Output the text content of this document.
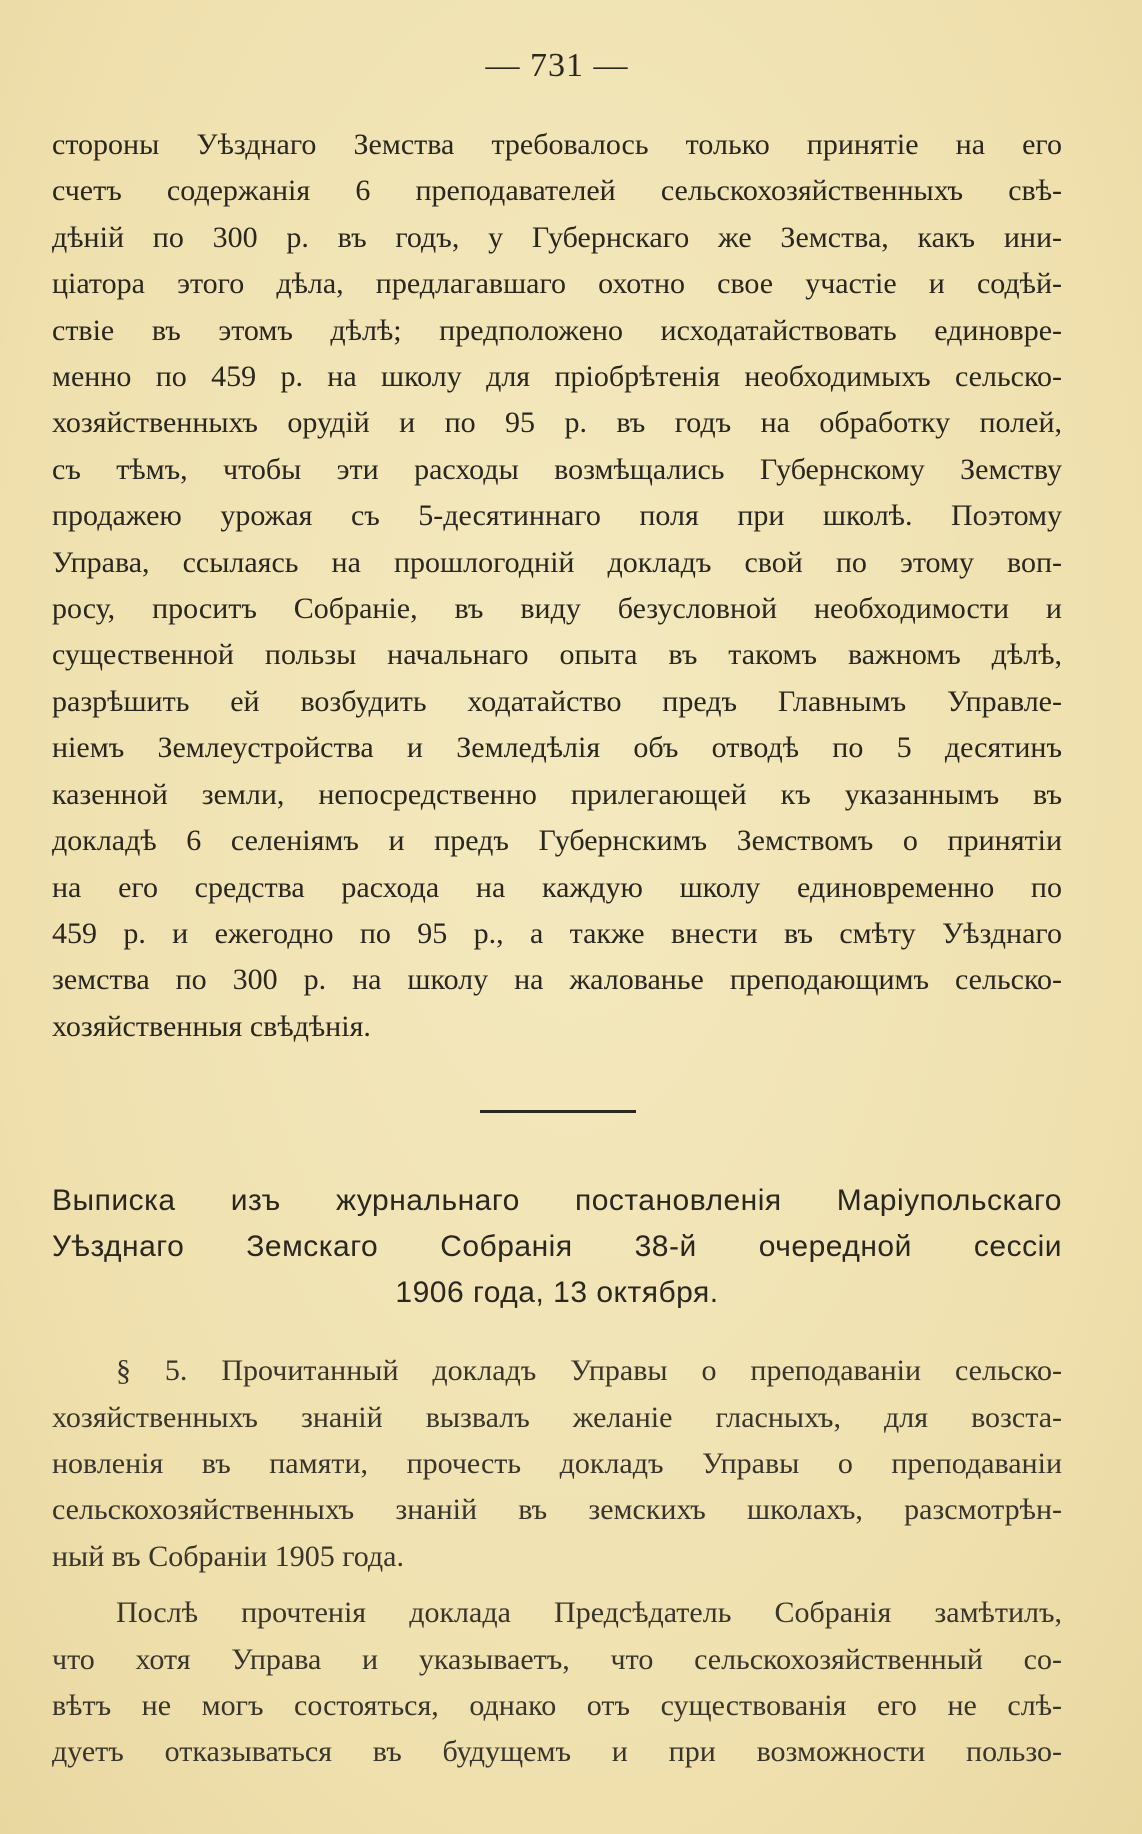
— 731 —
стороны Уѣзднаго Земства требовалось только принятіе на его
счетъ содержанія 6 преподавателей сельскохозяйственныхъ свѣ-
дѣній по 300 р. въ годъ, у Губернскаго же Земства, какъ ини-
ціатора этого дѣла, предлагавшаго охотно свое участіе и содѣй-
ствіе въ этомъ дѣлѣ; предположено исходатайствовать единовре-
менно по 459 р. на школу для пріобрѣтенія необходимыхъ сельско-
хозяйственныхъ орудій и по 95 р. въ годъ на обработку полей,
съ тѣмъ, чтобы эти расходы возмѣщались Губернскому Земству
продажею урожая съ 5-десятиннаго поля при школѣ. Поэтому
Управа, ссылаясь на прошлогодній докладъ свой по этому воп-
росу, проситъ Собраніе, въ виду безусловной необходимости и
существенной пользы начальнаго опыта въ такомъ важномъ дѣлѣ,
разрѣшить ей возбудить ходатайство предъ Главнымъ Управле-
ніемъ Землеустройства и Земледѣлія объ отводѣ по 5 десятинъ
казенной земли, непосредственно прилегающей къ указаннымъ въ
докладѣ 6 селеніямъ и предъ Губернскимъ Земствомъ о принятіи
на его средства расхода на каждую школу единовременно по
459 р. и ежегодно по 95 р., а также внести въ смѣту Уѣзднаго
земства по 300 р. на школу на жалованье преподающимъ сельско-
хозяйственныя свѣдѣнія.
Выписка изъ журнальнаго постановленія Маріупольскаго
Уѣзднаго Земскаго Собранія 38-й очередной сессіи
1906 года, 13 октября.
§ 5. Прочитанный докладъ Управы о преподаваніи сельско-
хозяйственныхъ знаній вызвалъ желаніе гласныхъ, для возста-
новленія въ памяти, прочесть докладъ Управы о преподаваніи
сельскохозяйственныхъ знаній въ земскихъ школахъ, разсмотрѣн-
ный въ Собраніи 1905 года.
Послѣ прочтенія доклада Предсѣдатель Собранія замѣтилъ,
что хотя Управа и указываетъ, что сельскохозяйственный со-
вѣтъ не могъ состояться, однако отъ существованія его не слѣ-
дуетъ отказываться въ будущемъ и при возможности пользо-
